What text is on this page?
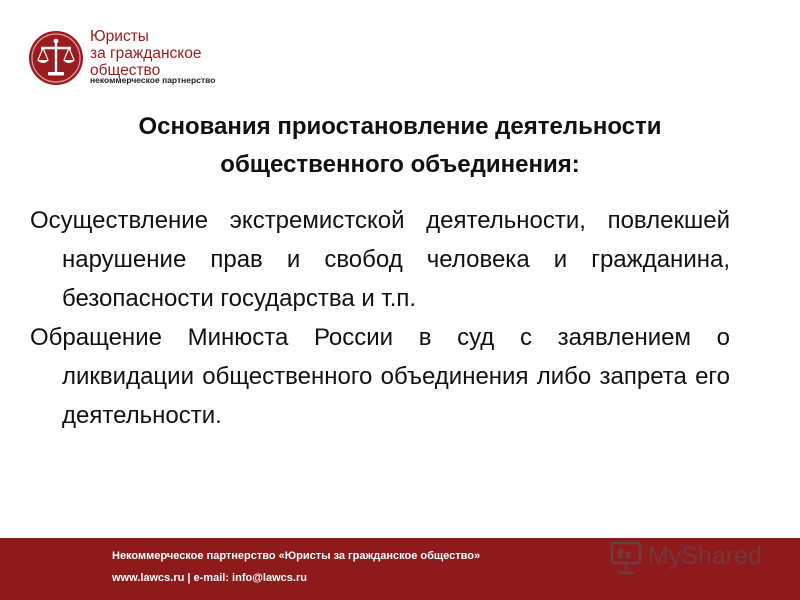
Юристы
за гражданское
общество
некоммерческое партнерство
Основания приостановление деятельности
общественного объединения:

Осуществление экстремистской деятельности, повлекшей нарушение прав и свобод человека и гражданина, безопасности государства и т.п.

Обращение Минюста России в суд с заявлением о ликвидации общественного объединения либо запрета его деятельности.

Некоммерческое партнерство «Юристы за гражданское общество»
www.lawcs.ru | e-mail: info@lawcs.ru
MyShared
